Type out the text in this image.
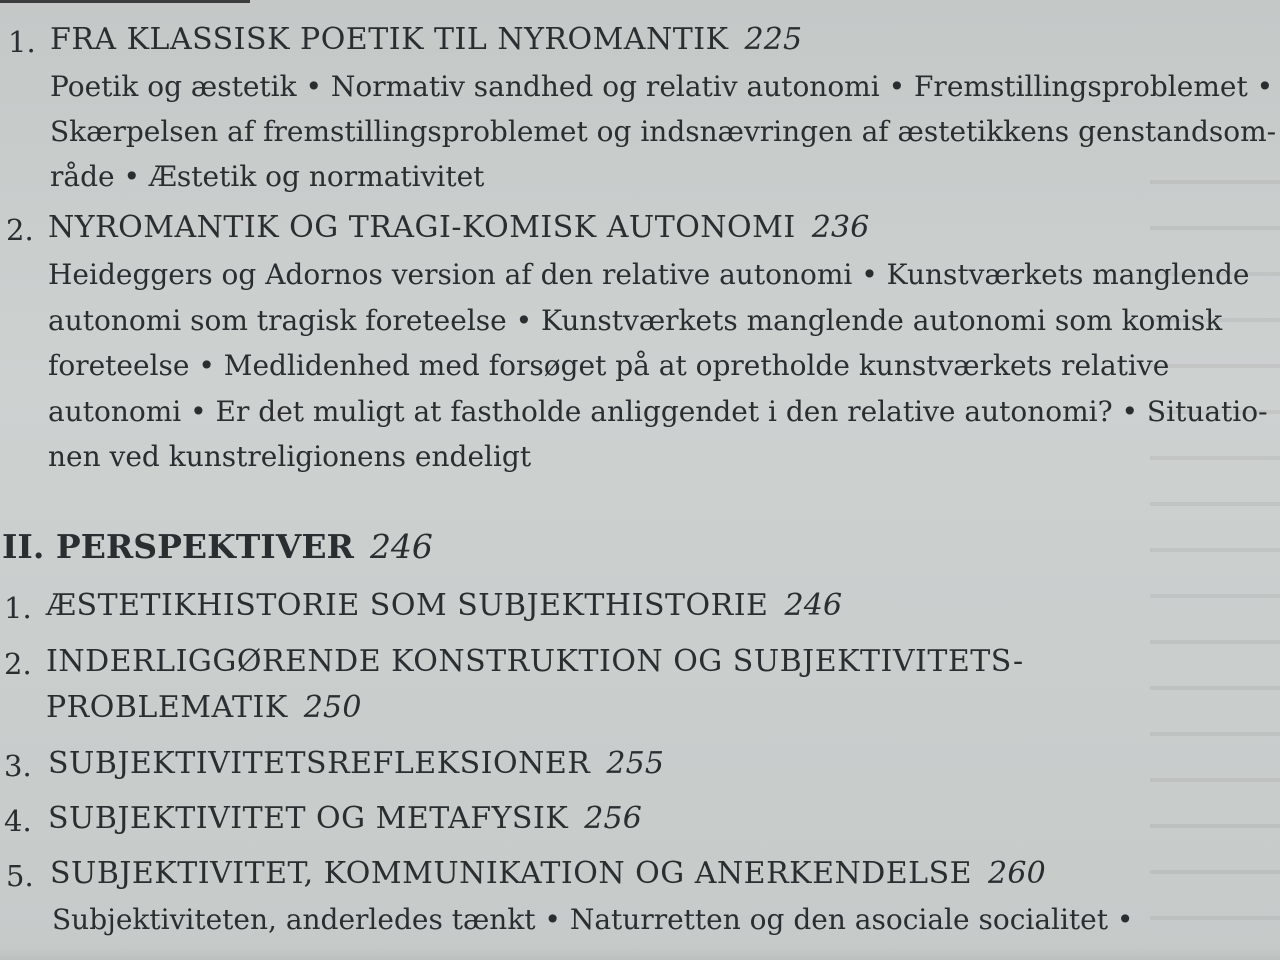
1. FRA KLASSISK POETIK TIL NYROMANTIK 225
Poetik og æstetik • Normativ sandhed og relativ autonomi • Fremstillingsproblemet •
Skærpelsen af fremstillingsproblemet og indsnævringen af æstetikkens genstandsom-
råde • Æstetik og normativitet
2. NYROMANTIK OG TRAGI-KOMISK AUTONOMI 236
Heideggers og Adornos version af den relative autonomi • Kunstværkets manglende
autonomi som tragisk foreteelse • Kunstværkets manglende autonomi som komisk
foreteelse • Medlidenhed med forsøget på at opretholde kunstværkets relative
autonomi • Er det muligt at fastholde anliggendet i den relative autonomi? • Situatio-
nen ved kunstreligionens endeligt
II. PERSPEKTIVER 246
1. ÆSTETIKHISTORIE SOM SUBJEKTHISTORIE 246
2. INDERLIGGØRENDE KONSTRUKTION OG SUBJEKTIVITETS-
PROBLEMATIK 250
3. SUBJEKTIVITETSREFLEKSIONER 255
4. SUBJEKTIVITET OG METAFYSIK 256
5. SUBJEKTIVITET, KOMMUNIKATION OG ANERKENDELSE 260
Subjektiviteten, anderledes tænkt • Naturretten og den asociale socialitet •
